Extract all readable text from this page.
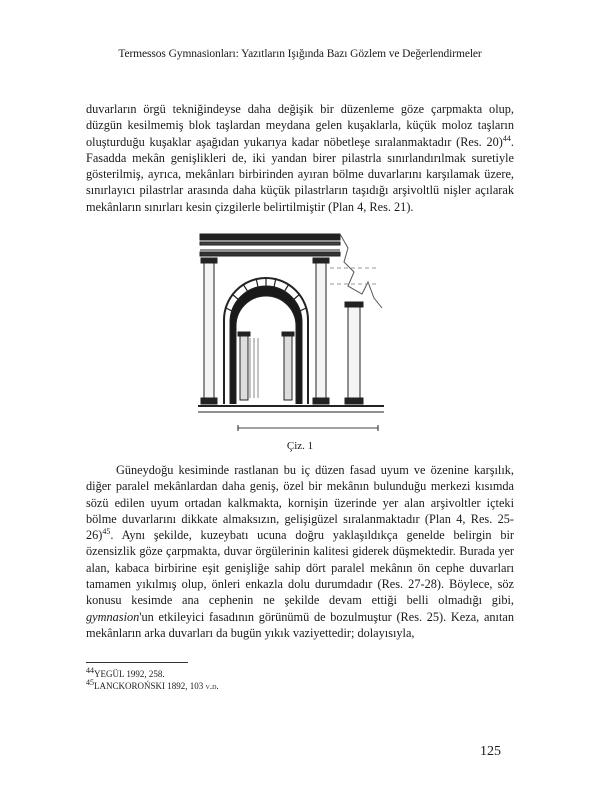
Termessos Gymnasionları: Yazıtların Işığında Bazı Gözlem ve Değerlendirmeler

duvarların örgü tekniğindeyse daha değişik bir düzenleme göze çarpmakta olup, düzgün kesilmemiş blok taşlardan meydana gelen kuşaklarla, küçük moloz taşların oluşturduğu kuşaklar aşağıdan yukarıya kadar nöbetleşe sıralanmaktadır (Res. 20)$^{44}$. Fasadda mekân genişlikleri de, iki yandan birer pilastrla sınırlandırılmak suretiyle gösterilmiş, ayrıca, mekânları birbirinden ayıran bölme duvarlarını karşılamak üzere, sınırlayıcı pilastrlar arasında daha küçük pilastrların taşıdığı arşivoltlü nişler açılarak mekânların sınırları kesin çizgilerle belirtilmiştir (Plan 4, Res. 21).

Çiz. 1

Güneydoğu kesiminde rastlanan bu iç düzen fasad uyum ve özenine karşılık, diğer paralel mekânlardan daha geniş, özel bir mekânın bulunduğu merkezi kısımda sözü edilen uyum ortadan kalkmakta, kornişin üzerinde yer alan arşivoltler içteki bölme duvarlarını dikkate almaksızın, gelişigüzel sıralanmaktadır (Plan 4, Res. 25-26)$^{45}$. Aynı şekilde, kuzeybatı ucuna doğru yaklaşıldıkça genelde belirgin bir özensizlik göze çarpmakta, duvar örgülerinin kalitesi giderek düşmektedir. Burada yer alan, kabaca birbirine eşit genişliğe sahip dört paralel mekânın ön cephe duvarları tamamen yıkılmış olup, önleri enkazla dolu durumdadır (Res. 27-28). Böylece, söz konusu kesimde ana cephenin ne şekilde devam ettiği belli olmadığı gibi, gymnasion'un etkileyici fasadının görünümü de bozulmuştur (Res. 25). Keza, anıtan mekânların arka duvarları da bugün yıkık vaziyettedir; dolayısıyla,

$^{44}$YEGÜL 1992, 258.
$^{45}$LANCKOROŃSKI 1892, 103 v.d.
125
